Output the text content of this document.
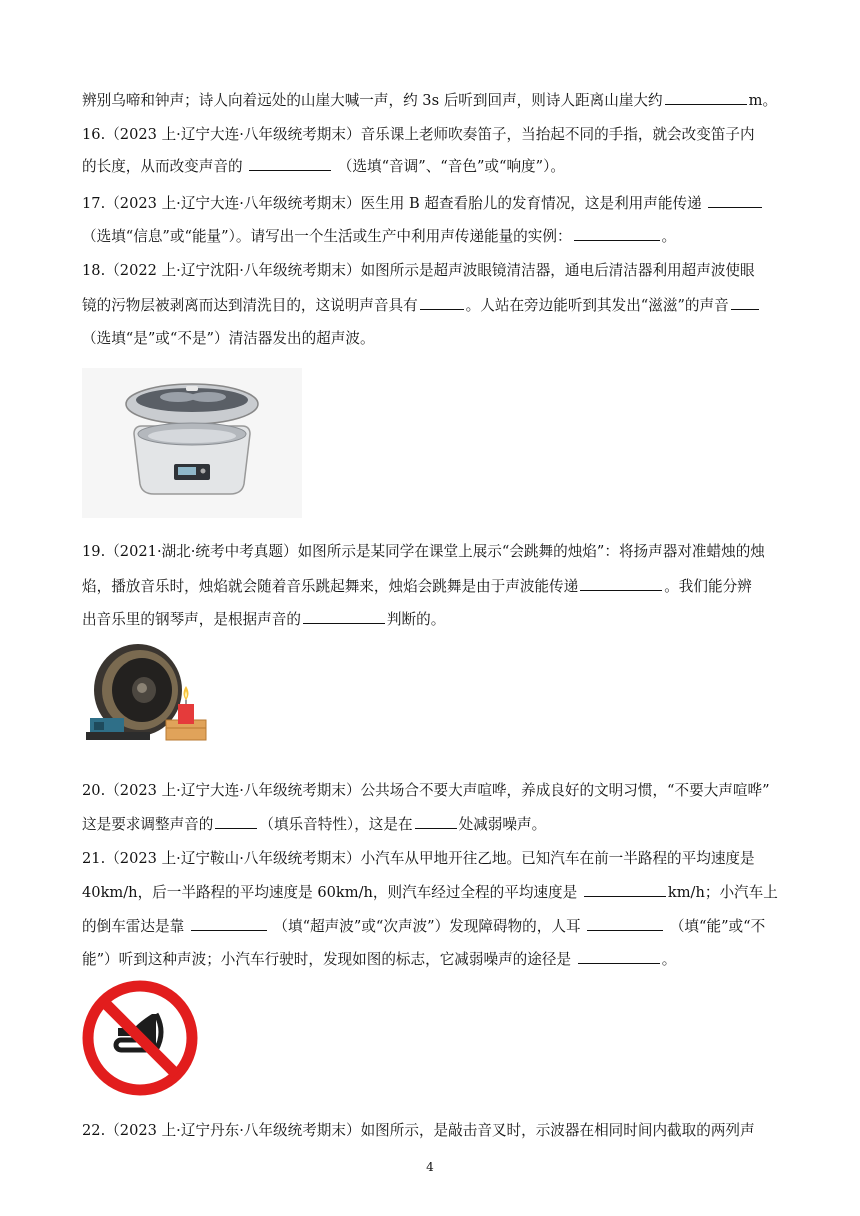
辨别乌啼和钟声；诗人向着远处的山崖大喊一声，约 3s 后听到回声，则诗人距离山崖大约	m。
16.（2023 上·辽宁大连·八年级统考期末）音乐课上老师吹奏笛子，当抬起不同的手指，就会改变笛子内
的长度，从而改变声音的	（选填“音调”、“音色”或“响度”）。
17.（2023 上·辽宁大连·八年级统考期末）医生用 B 超查看胎儿的发育情况，这是利用声能传递
（选填“信息”或“能量”）。请写出一个生活或生产中利用声传递能量的实例：	。
18.（2022 上·辽宁沈阳·八年级统考期末）如图所示是超声波眼镜清洁器，通电后清洁器利用超声波使眼
镜的污物层被剥离而达到清洗目的，这说明声音具有	。人站在旁边能听到其发出“滋滋”的声音
（选填“是”或“不是”）清洁器发出的超声波。
19.（2021·湖北·统考中考真题）如图所示是某同学在课堂上展示“会跳舞的烛焰”：将扬声器对准蜡烛的烛
焰，播放音乐时，烛焰就会随着音乐跳起舞来，烛焰会跳舞是由于声波能传递	。我们能分辨
出音乐里的钢琴声，是根据声音的	判断的。
20.（2023 上·辽宁大连·八年级统考期末）公共场合不要大声喧哗，养成良好的文明习惯，“不要大声喧哗”
这是要求调整声音的	（填乐音特性），这是在	处减弱噪声。
21.（2023 上·辽宁鞍山·八年级统考期末）小汽车从甲地开往乙地。已知汽车在前一半路程的平均速度是
40km/h，后一半路程的平均速度是 60km/h，则汽车经过全程的平均速度是	km/h；小汽车上
的倒车雷达是靠	（填“超声波”或“次声波”）发现障碍物的，人耳	（填“能”或“不
能”）听到这种声波；小汽车行驶时，发现如图的标志，它减弱噪声的途径是	。
22.（2023 上·辽宁丹东·八年级统考期末）如图所示，是敲击音叉时，示波器在相同时间内截取的两列声
4
